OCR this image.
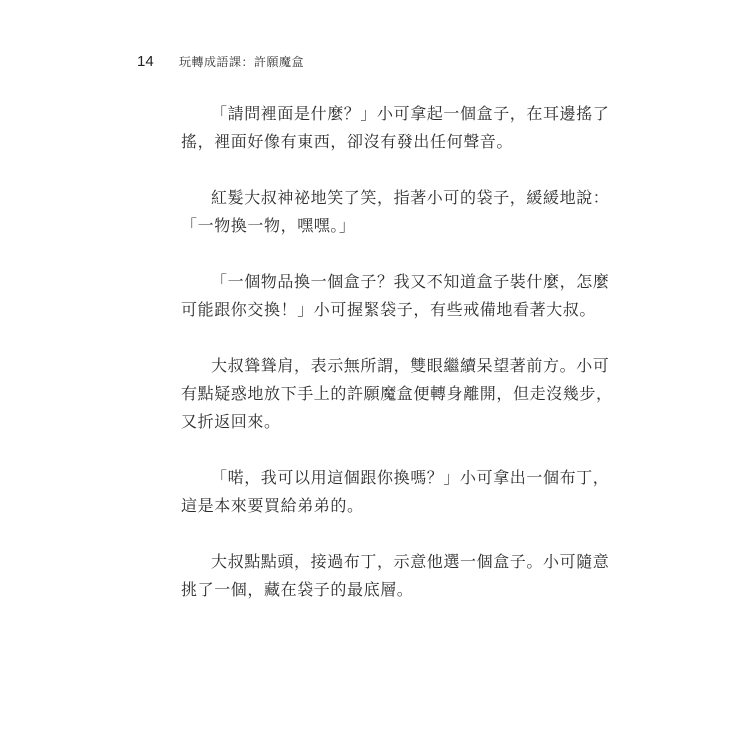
14	玩轉成語課：許願魔盒

「請問裡面是什麼？」小可拿起一個盒子，在耳邊搖了
搖，裡面好像有東西，卻沒有發出任何聲音。

紅髮大叔神祕地笑了笑，指著小可的袋子，緩緩地說：
「一物換一物，嘿嘿。」

「一個物品換一個盒子？我又不知道盒子裝什麼，怎麼
可能跟你交換！」小可握緊袋子，有些戒備地看著大叔。

大叔聳聳肩，表示無所謂，雙眼繼續呆望著前方。小可
有點疑惑地放下手上的許願魔盒便轉身離開，但走沒幾步，
又折返回來。

「喏，我可以用這個跟你換嗎？」小可拿出一個布丁，
這是本來要買給弟弟的。

大叔點點頭，接過布丁，示意他選一個盒子。小可隨意
挑了一個，藏在袋子的最底層。
